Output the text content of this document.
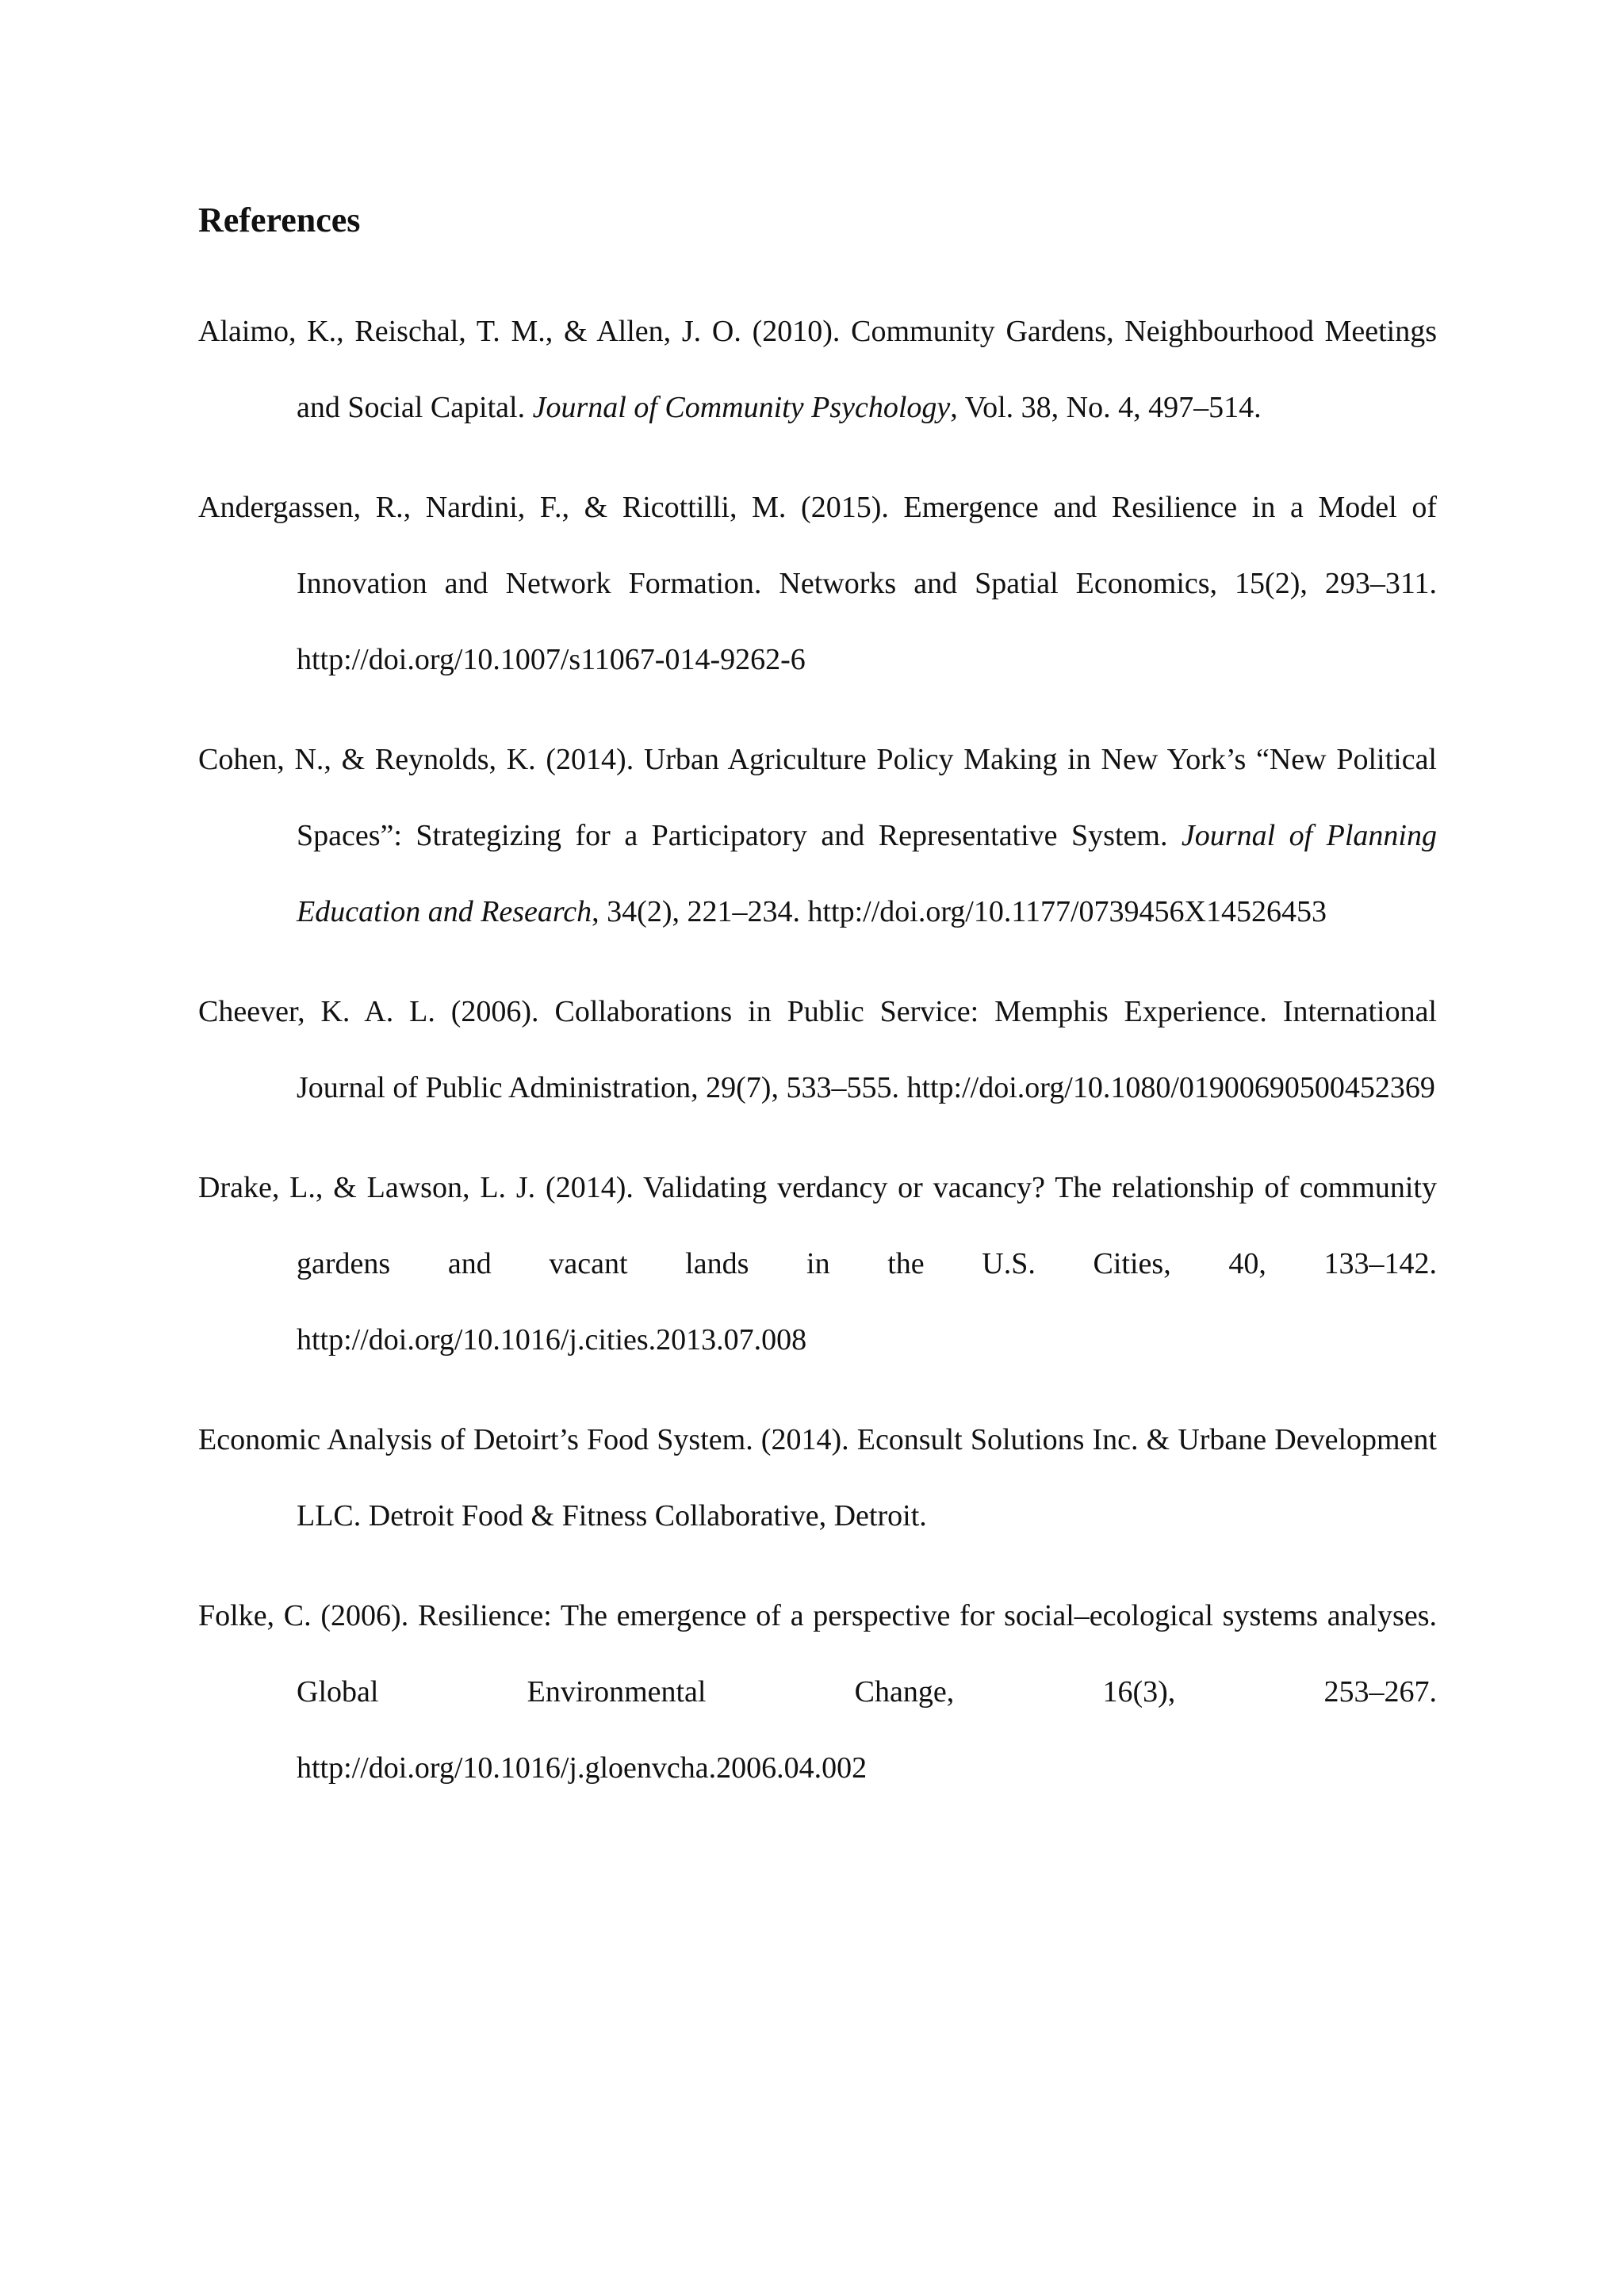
References
Alaimo, K., Reischal, T. M., & Allen, J. O. (2010). Community Gardens, Neighbourhood Meetings and Social Capital. Journal of Community Psychology, Vol. 38, No. 4, 497–514.
Andergassen, R., Nardini, F., & Ricottilli, M. (2015). Emergence and Resilience in a Model of Innovation and Network Formation. Networks and Spatial Economics, 15(2), 293–311. http://doi.org/10.1007/s11067-014-9262-6
Cohen, N., & Reynolds, K. (2014). Urban Agriculture Policy Making in New York’s “New Political Spaces”: Strategizing for a Participatory and Representative System. Journal of Planning Education and Research, 34(2), 221–234. http://doi.org/10.1177/0739456X14526453
Cheever, K. A. L. (2006). Collaborations in Public Service: Memphis Experience. International Journal of Public Administration, 29(7), 533–555. http://doi.org/10.1080/01900690500452369
Drake, L., & Lawson, L. J. (2014). Validating verdancy or vacancy? The relationship of community gardens and vacant lands in the U.S. Cities, 40, 133–142. http://doi.org/10.1016/j.cities.2013.07.008
Economic Analysis of Detoirt’s Food System. (2014). Econsult Solutions Inc. & Urbane Development LLC. Detroit Food & Fitness Collaborative, Detroit.
Folke, C. (2006). Resilience: The emergence of a perspective for social–ecological systems analyses. Global Environmental Change, 16(3), 253–267. http://doi.org/10.1016/j.gloenvcha.2006.04.002
